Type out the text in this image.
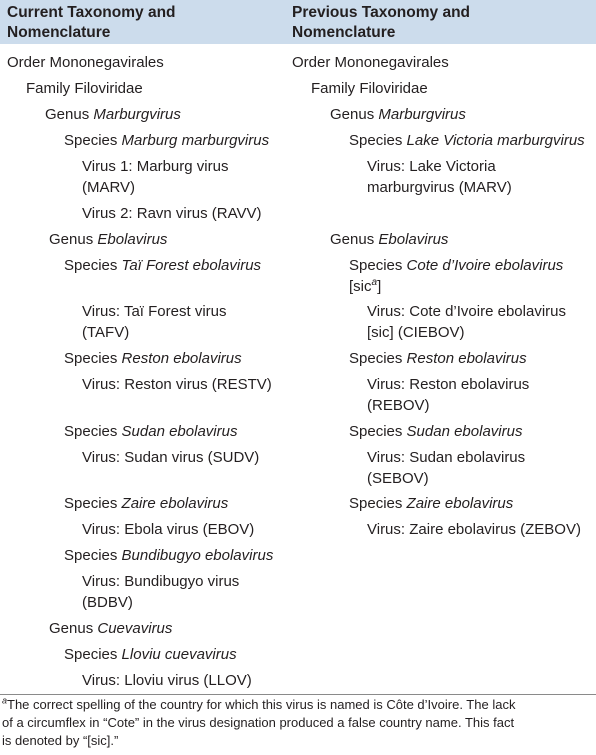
Current Taxonomy and
Nomenclature
Previous Taxonomy and
Nomenclature
Order Mononegavirales
Family Filoviridae
Genus Marburgvirus
Species Marburg marburgvirus
Virus 1: Marburg virus
(MARV)
Virus 2: Ravn virus (RAVV)
Genus Ebolavirus
Species Taï Forest ebolavirus
Virus: Taï Forest virus
(TAFV)
Species Reston ebolavirus
Virus: Reston virus (RESTV)
Species Sudan ebolavirus
Virus: Sudan virus (SUDV)
Species Zaire ebolavirus
Virus: Ebola virus (EBOV)
Species Bundibugyo ebolavirus
Virus: Bundibugyo virus
(BDBV)
Genus Cuevavirus
Species Lloviu cuevavirus
Virus: Lloviu virus (LLOV)
Order Mononegavirales
Family Filoviridae
Genus Marburgvirus
Species Lake Victoria marburgvirus
Virus: Lake Victoria
marburgvirus (MARV)
Genus Ebolavirus
Species Cote d’Ivoire ebolavirus
[sic$^a$]
Virus: Cote d’Ivoire ebolavirus
[sic] (CIEBOV)
Species Reston ebolavirus
Virus: Reston ebolavirus
(REBOV)
Species Sudan ebolavirus
Virus: Sudan ebolavirus
(SEBOV)
Species Zaire ebolavirus
Virus: Zaire ebolavirus (ZEBOV)
$^a$The correct spelling of the country for which this virus is named is Côte d’Ivoire. The lack
of a circumflex in “Cote” in the virus designation produced a false country name. This fact
is denoted by “[sic].”
